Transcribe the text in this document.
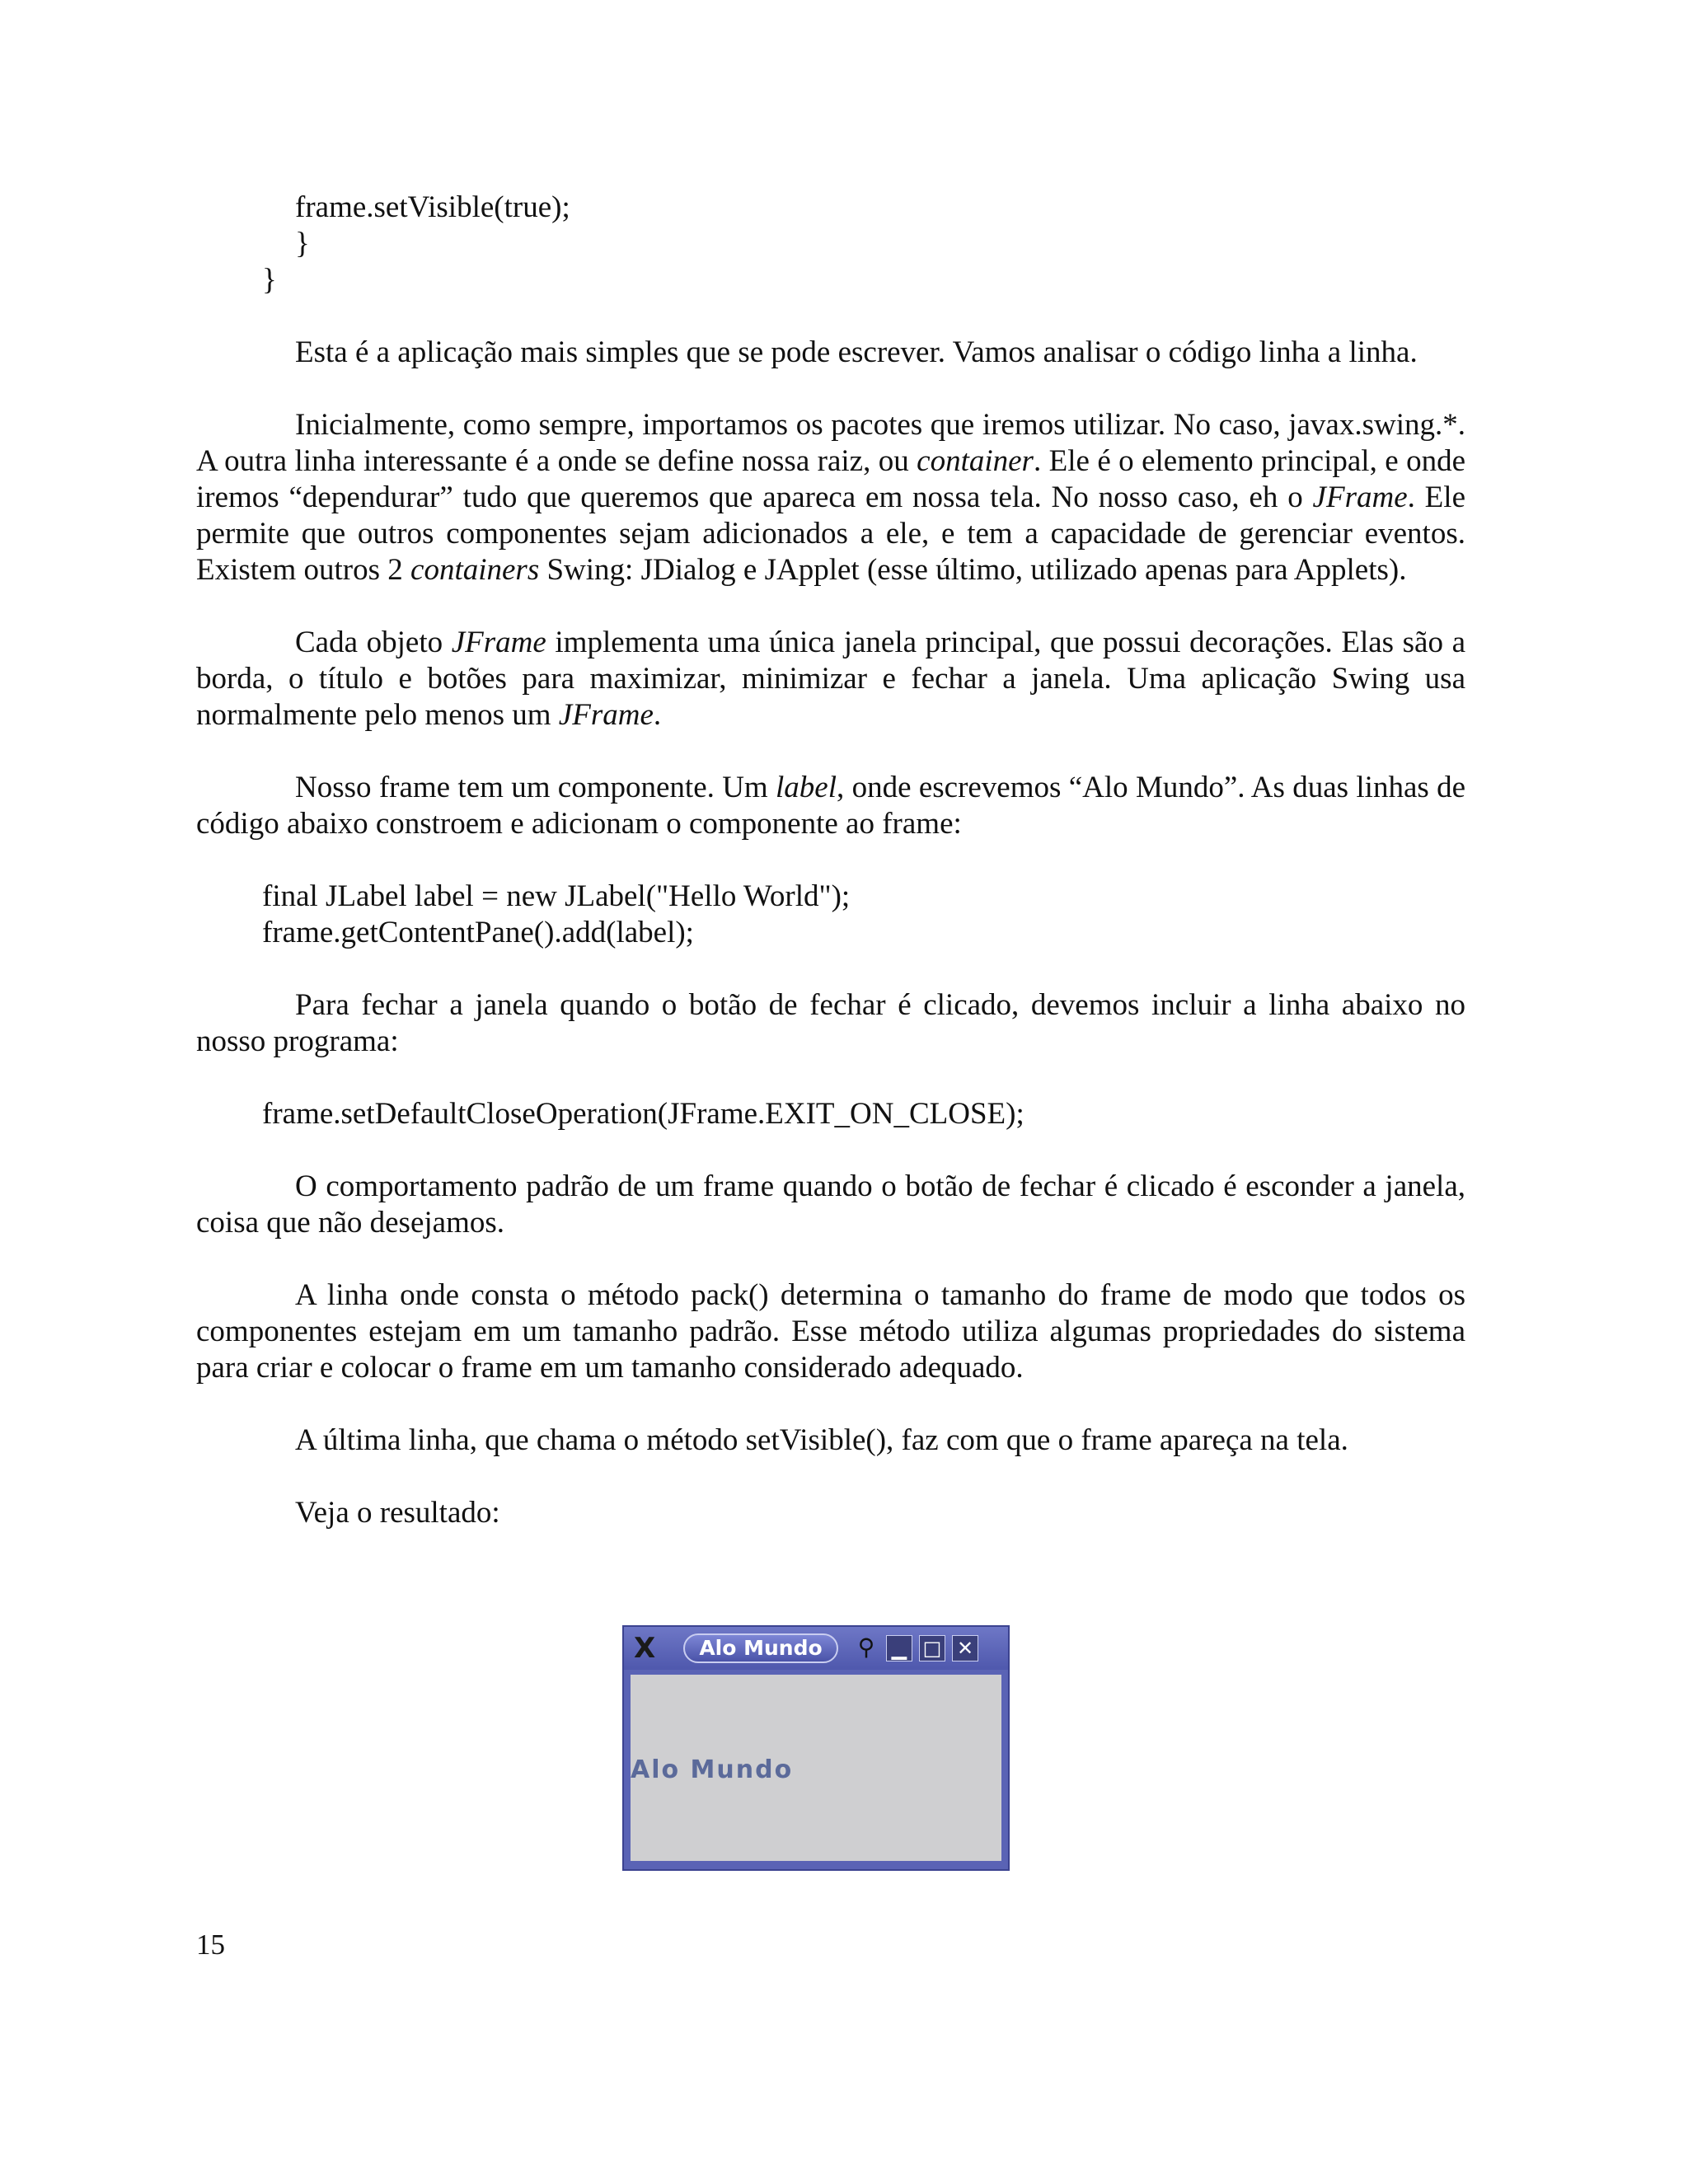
frame.setVisible(true);
}
}

Esta é a aplicação mais simples que se pode escrever. Vamos analisar o código linha a linha.

Inicialmente, como sempre, importamos os pacotes que iremos utilizar. No caso, javax.swing.*. A outra linha interessante é a onde se define nossa raiz, ou container. Ele é o elemento principal, e onde iremos “dependurar” tudo que queremos que apareca em nossa tela. No nosso caso, eh o JFrame. Ele permite que outros componentes sejam adicionados a ele, e tem a capacidade de gerenciar eventos. Existem outros 2 containers Swing: JDialog e JApplet (esse último, utilizado apenas para Applets).

Cada objeto JFrame implementa uma única janela principal, que possui decorações. Elas são a borda, o título e botões para maximizar, minimizar e fechar a janela. Uma aplicação Swing usa normalmente pelo menos um JFrame.

Nosso frame tem um componente. Um label, onde escrevemos “Alo Mundo”. As duas linhas de código abaixo constroem e adicionam o componente ao frame:

final JLabel label = new JLabel("Hello World");
frame.getContentPane().add(label);

Para fechar a janela quando o botão de fechar é clicado, devemos incluir a linha abaixo no nosso programa:

frame.setDefaultCloseOperation(JFrame.EXIT_ON_CLOSE);

O comportamento padrão de um frame quando o botão de fechar é clicado é esconder a janela, coisa que não desejamos.

A linha onde consta o método pack() determina o tamanho do frame de modo que todos os componentes estejam em um tamanho padrão. Esse método utiliza algumas propriedades do sistema para criar e colocar o frame em um tamanho considerado adequado.

A última linha, que chama o método setVisible(), faz com que o frame apareça na tela.

Veja o resultado:

X	Alo Mundo	⚲ ▁ □ ✕
Alo Mundo
15
